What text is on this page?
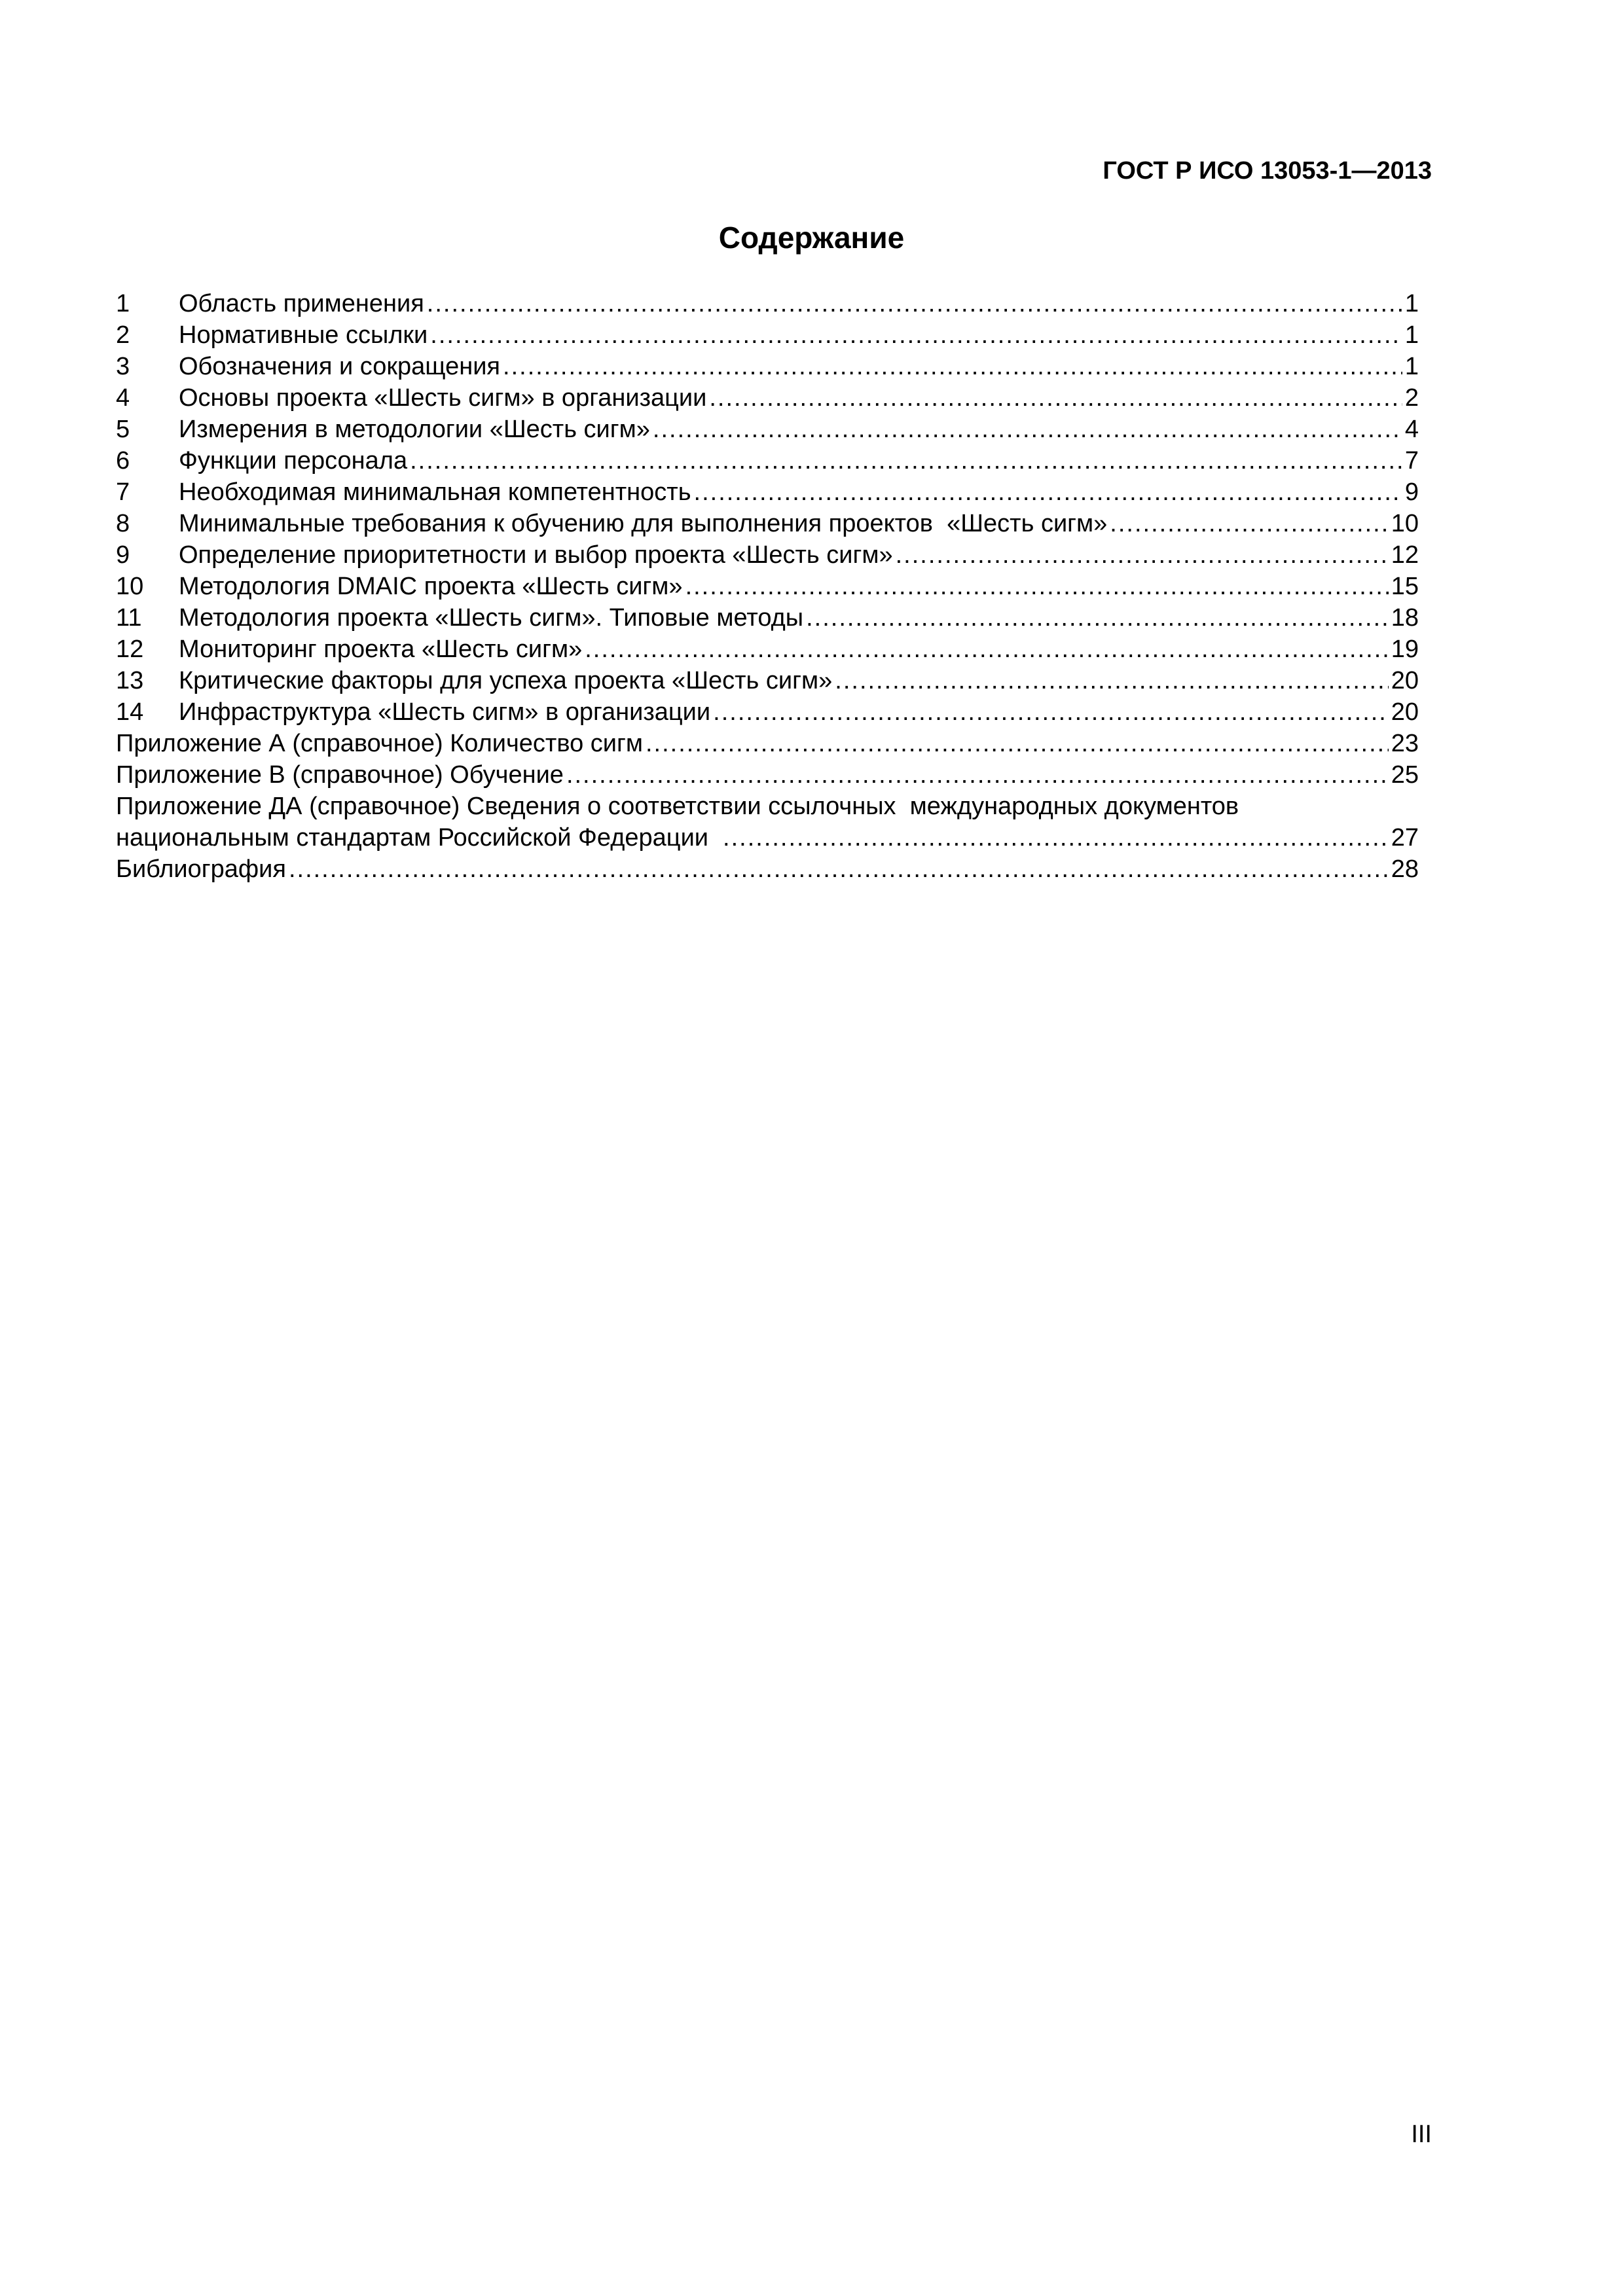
ГОСТ Р ИСО 13053-1—2013
Содержание
1	Область применения .....	1
2	Нормативные ссылки .....	1
3	Обозначения и сокращения .....	1
4	Основы проекта «Шесть сигм» в организации .....	2
5	Измерения в методологии «Шесть сигм» .....	4
6	Функции персонала .....	7
7	Необходимая минимальная компетентность .....	9
8	Минимальные требования к обучению для выполнения проектов  «Шесть сигм» .....	10
9	Определение приоритетности и выбор проекта «Шесть сигм» .....	12
10	Методология DMAIC проекта «Шесть сигм» .....	15
11	Методология проекта «Шесть сигм». Типовые методы .....	18
12	Мониторинг проекта «Шесть сигм» .....	19
13	Критические факторы для успеха проекта «Шесть сигм» .....	20
14	Инфраструктура «Шесть сигм» в организации .....	20
Приложение А (справочное) Количество сигм .....	23
Приложение В (справочное) Обучение .....	25
Приложение ДА (справочное) Сведения о соответствии ссылочных  международных документов
национальным стандартам Российской Федерации .....	27
Библиография .....	28
III
